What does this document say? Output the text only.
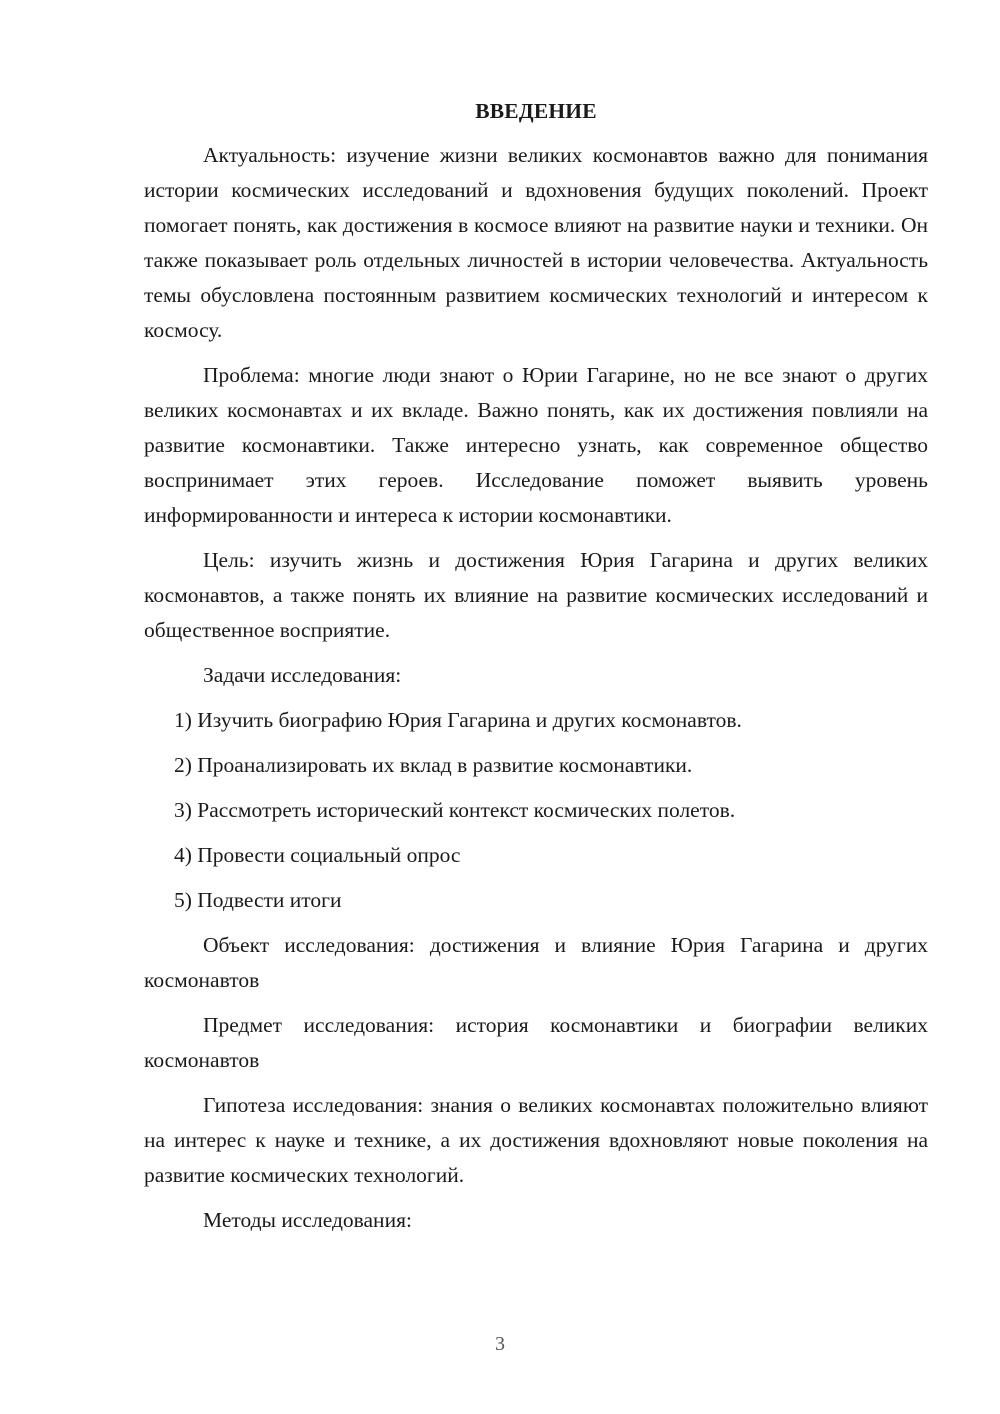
ВВЕДЕНИЕ

Актуальность: изучение жизни великих космонавтов важно для понимания истории космических исследований и вдохновения будущих поколений. Проект помогает понять, как достижения в космосе влияют на развитие науки и техники. Он также показывает роль отдельных личностей в истории человечества. Актуальность темы обусловлена постоянным развитием космических технологий и интересом к космосу.

Проблема: многие люди знают о Юрии Гагарине, но не все знают о других великих космонавтах и их вкладе. Важно понять, как их достижения повлияли на развитие космонавтики. Также интересно узнать, как современное общество воспринимает этих героев. Исследование поможет выявить уровень информированности и интереса к истории космонавтики.

Цель: изучить жизнь и достижения Юрия Гагарина и других великих космонавтов, а также понять их влияние на развитие космических исследований и общественное восприятие.

Задачи исследования:

1) Изучить биографию Юрия Гагарина и других космонавтов.
2) Проанализировать их вклад в развитие космонавтики.
3) Рассмотреть исторический контекст космических полетов.
4) Провести социальный опрос
5) Подвести итоги

Объект исследования: достижения и влияние Юрия Гагарина и других космонавтов

Предмет исследования: история космонавтики и биографии великих космонавтов

Гипотеза исследования: знания о великих космонавтах положительно влияют на интерес к науке и технике, а их достижения вдохновляют новые поколения на развитие космических технологий.

Методы исследования:

3
